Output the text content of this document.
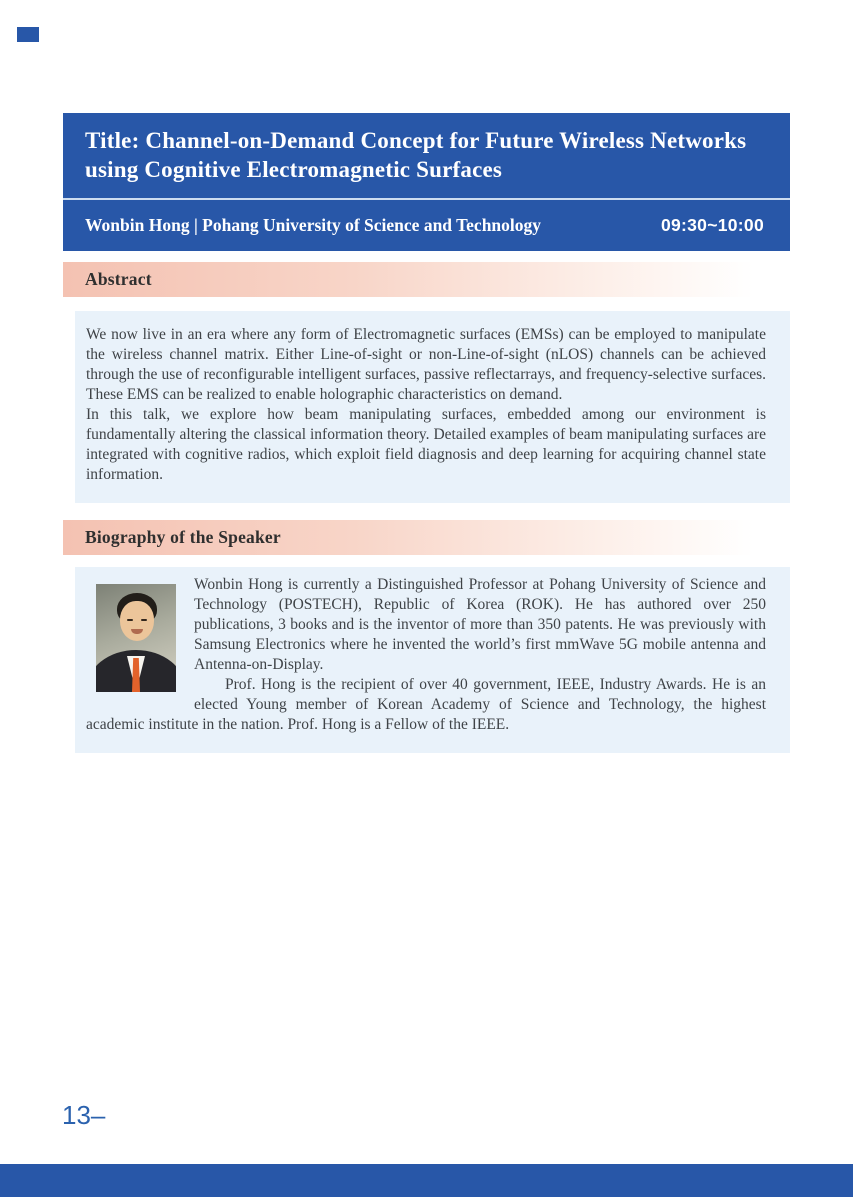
Title: Channel-on-Demand Concept for Future Wireless Networks using Cognitive Electromagnetic Surfaces
Wonbin Hong | Pohang University of Science and Technology	09:30~10:00
Abstract

We now live in an era where any form of Electromagnetic surfaces (EMSs) can be employed to manipulate the wireless channel matrix. Either Line-of-sight or non-Line-of-sight (nLOS) channels can be achieved through the use of reconfigurable intelligent surfaces, passive reflectarrays, and frequency-selective surfaces. These EMS can be realized to enable holographic characteristics on demand.

In this talk, we explore how beam manipulating surfaces, embedded among our environment is fundamentally altering the classical information theory. Detailed examples of beam manipulating surfaces are integrated with cognitive radios, which exploit field diagnosis and deep learning for acquiring channel state information.

Biography of the Speaker

Wonbin Hong is currently a Distinguished Professor at Pohang University of Science and Technology (POSTECH), Republic of Korea (ROK). He has authored over 250 publications, 3 books and is the inventor of more than 350 patents. He was previously with Samsung Electronics where he invented the world’s first mmWave 5G mobile antenna and Antenna-on-Display.

Prof. Hong is the recipient of over 40 government, IEEE, Industry Awards. He is an elected Young member of Korean Academy of Science and Technology, the highest academic institute in the nation. Prof. Hong is a Fellow of the IEEE.

13–
